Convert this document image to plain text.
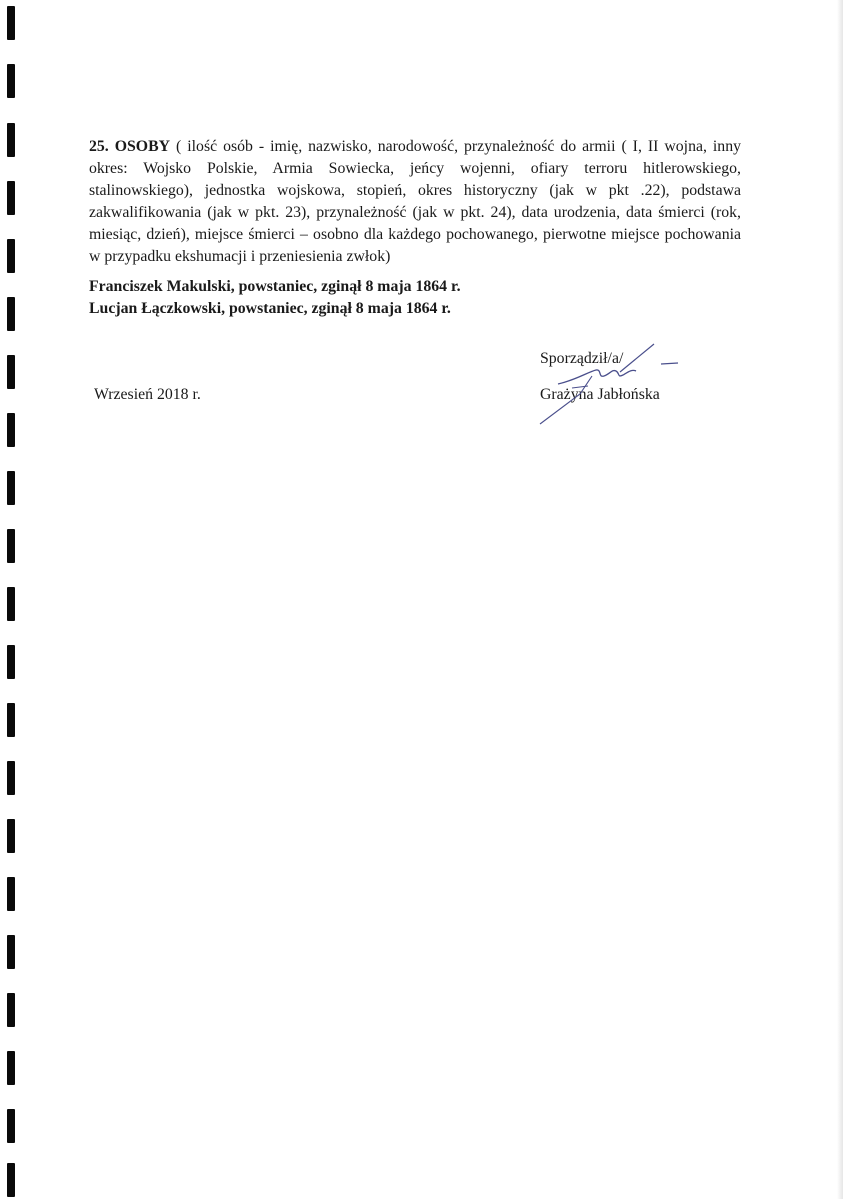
25. OSOBY ( ilość osób - imię, nazwisko, narodowość, przynależność do armii ( I, II wojna, inny okres: Wojsko Polskie, Armia Sowiecka, jeńcy wojenni, ofiary terroru hitlerowskiego, stalinowskiego), jednostka wojskowa, stopień, okres historyczny (jak w pkt .22), podstawa zakwalifikowania (jak w pkt. 23), przynależność (jak w pkt. 24), data urodzenia, data śmierci (rok, miesiąc, dzień), miejsce śmierci – osobno dla każdego pochowanego, pierwotne miejsce pochowania w przypadku ekshumacji i przeniesienia zwłok)
Franciszek Makulski, powstaniec, zginął 8 maja 1864 r.
Lucjan Łączkowski, powstaniec, zginął 8 maja 1864 r.
Wrzesień 2018 r.
Sporządził/a/
Grażyna Jabłońska
